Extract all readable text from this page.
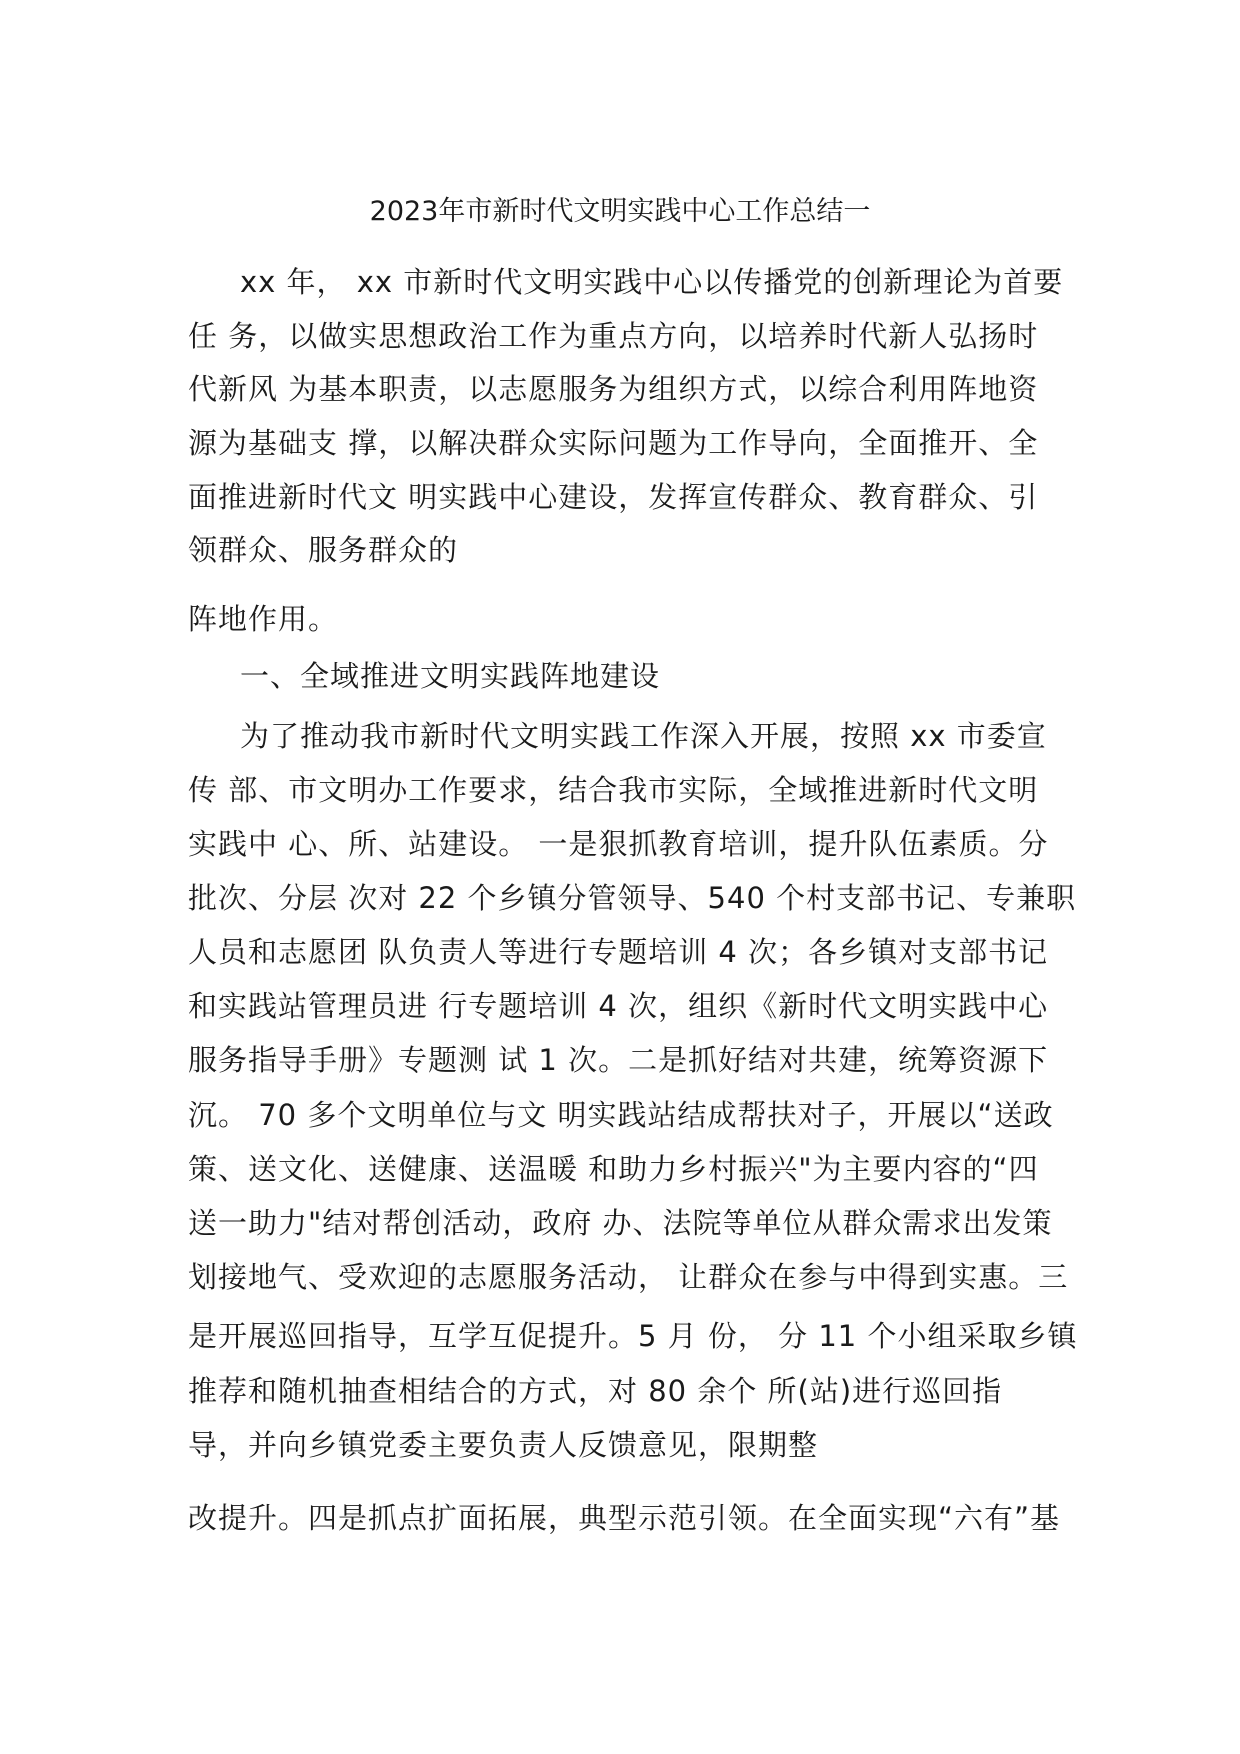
2023年市新时代文明实践中心工作总结一
xx 年， xx 市新时代文明实践中心以传播党的创新理论为首要
任 务，以做实思想政治工作为重点方向，以培养时代新人弘扬时
代新风 为基本职责，以志愿服务为组织方式，以综合利用阵地资
源为基础支 撑，以解决群众实际问题为工作导向，全面推开、全
面推进新时代文 明实践中心建设，发挥宣传群众、教育群众、引
领群众、服务群众的
阵地作用。
一、全域推进文明实践阵地建设
为了推动我市新时代文明实践工作深入开展，按照 xx 市委宣
传 部、市文明办工作要求，结合我市实际，全域推进新时代文明
实践中 心、所、站建设。 一是狠抓教育培训，提升队伍素质。分
批次、分层 次对 22 个乡镇分管领导、540 个村支部书记、专兼职
人员和志愿团 队负责人等进行专题培训 4 次；各乡镇对支部书记
和实践站管理员进 行专题培训 4 次，组织《新时代文明实践中心
服务指导手册》专题测 试 1 次。二是抓好结对共建，统筹资源下
沉。 70 多个文明单位与文 明实践站结成帮扶对子，开展以“送政
策、送文化、送健康、送温暖 和助力乡村振兴"为主要内容的“四
送一助力"结对帮创活动，政府 办、法院等单位从群众需求出发策
划接地气、受欢迎的志愿服务活动， 让群众在参与中得到实惠。三
是开展巡回指导，互学互促提升。5 月 份， 分 11 个小组采取乡镇
推荐和随机抽查相结合的方式，对 80 余个 所(站)进行巡回指
导，并向乡镇党委主要负责人反馈意见，限期整
改提升。四是抓点扩面拓展，典型示范引领。在全面实现“六有”基
